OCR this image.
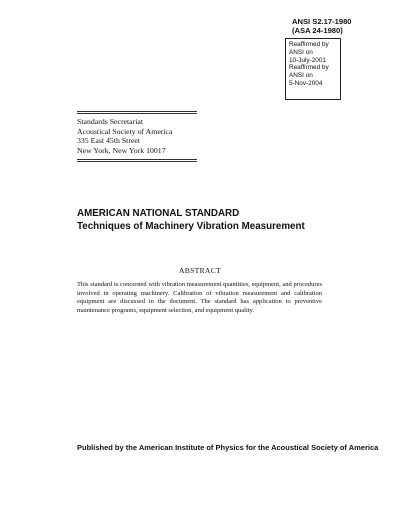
ANSI S2.17-1980
(ASA 24-1980)
Reaffirmed by
ANSI on
10-July-2001
Reaffirmed by
ANSI on
5-Nov-2004
Standards Secretariat
Acoustical Society of America
335 East 45th Street
New York, New York 10017
AMERICAN NATIONAL STANDARD
Techniques of Machinery Vibration Measurement
ABSTRACT
This standard is concerned with vibration measurement quantities, equipment, and procedures involved in operating machinery. Calibration of vibration measurement and calibration equipment are discussed in the document. The standard has application to preventive maintenance programs, equipment selection, and equipment quality.
Published by the American Institute of Physics for the Acoustical Society of America
